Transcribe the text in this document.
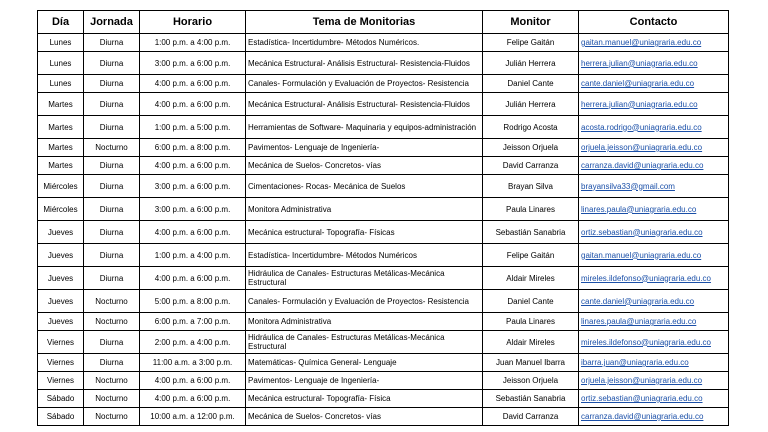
Día	Jornada	Horario	Tema de Monitorias	Monitor	Contacto
Lunes	Diurna	1:00 p.m. a 4:00 p.m.	Estadística- Incertidumbre- Métodos Numéricos.	Felipe Gaitán	gaitan.manuel@uniagraria.edu.co
Lunes	Diurna	3:00 p.m. a 6:00 p.m.	Mecánica Estructural- Análisis Estructural- Resistencia-Fluidos	Julián Herrera	herrera.julian@uniagraria.edu.co
Lunes	Diurna	4:00 p.m. a 6:00 p.m.	Canales- Formulación y Evaluación de Proyectos- Resistencia	Daniel Cante	cante.daniel@uniagraria.edu.co
Martes	Diurna	4:00 p.m. a 6:00 p.m.	Mecánica Estructural- Análisis Estructural- Resistencia-Fluidos	Julián Herrera	herrera.julian@uniagraria.edu.co
Martes	Diurna	1:00 p.m. a 5:00 p.m.	Herramientas de Software- Maquinaria y equipos-administración	Rodrigo Acosta	acosta.rodrigo@uniagraria.edu.co
Martes	Nocturno	6:00 p.m. a 8:00 p.m.	Pavimentos- Lenguaje de Ingeniería-	Jeisson Orjuela	orjuela.jeisson@uniagraria.edu.co
Martes	Diurna	4:00 p.m. a 6:00 p.m.	Mecánica de Suelos- Concretos- vías	David Carranza	carranza.david@uniagraria.edu.co
Miércoles	Diurna	3:00 p.m. a 6:00 p.m.	Cimentaciones- Rocas- Mecánica de Suelos	Brayan Silva	brayansilva33@gmail.com
Miércoles	Diurna	3:00 p.m. a 6:00 p.m.	Monitora Administrativa	Paula Linares	linares.paula@uniagraria.edu.co
Jueves	Diurna	4:00 p.m. a 6:00 p.m.	Mecánica estructural- Topografía- Físicas	Sebastián Sanabria	ortiz.sebastian@uniagraria.edu.co
Jueves	Diurna	1:00 p.m. a 4:00 p.m.	Estadística- Incertidumbre- Métodos Numéricos	Felipe Gaitán	gaitan.manuel@uniagraria.edu.co
Jueves	Diurna	4:00 p.m. a 6:00 p.m.	Hidráulica de Canales- Estructuras Metálicas-Mecánica Estructural	Aldair Mireles	mireles.ildefonso@uniagraria.edu.co
Jueves	Nocturno	5:00 p.m. a 8:00 p.m.	Canales- Formulación y Evaluación de Proyectos- Resistencia	Daniel Cante	cante.daniel@uniagraria.edu.co
Jueves	Nocturno	6:00 p.m. a 7:00 p.m.	Monitora Administrativa	Paula Linares	linares.paula@uniagraria.edu.co
Viernes	Diurna	2:00 p.m. a 4:00 p.m.	Hidráulica de Canales- Estructuras Metálicas-Mecánica Estructural	Aldair Mireles	mireles.ildefonso@uniagraria.edu.co
Viernes	Diurna	11:00 a.m. a 3:00 p.m.	Matemáticas- Química General- Lenguaje	Juan Manuel Ibarra	ibarra.juan@uniagraria.edu.co
Viernes	Nocturno	4:00 p.m. a 6:00 p.m.	Pavimentos- Lenguaje de Ingeniería-	Jeisson Orjuela	orjuela.jeisson@uniagraria.edu.co
Sábado	Nocturno	4:00 p.m. a 6:00 p.m.	Mecánica estructural- Topografía- Física	Sebastián Sanabria	ortiz.sebastian@uniagraria.edu.co
Sábado	Nocturno	10:00 a.m. a 12:00 p.m.	Mecánica de Suelos- Concretos- vías	David Carranza	carranza.david@uniagraria.edu.co
